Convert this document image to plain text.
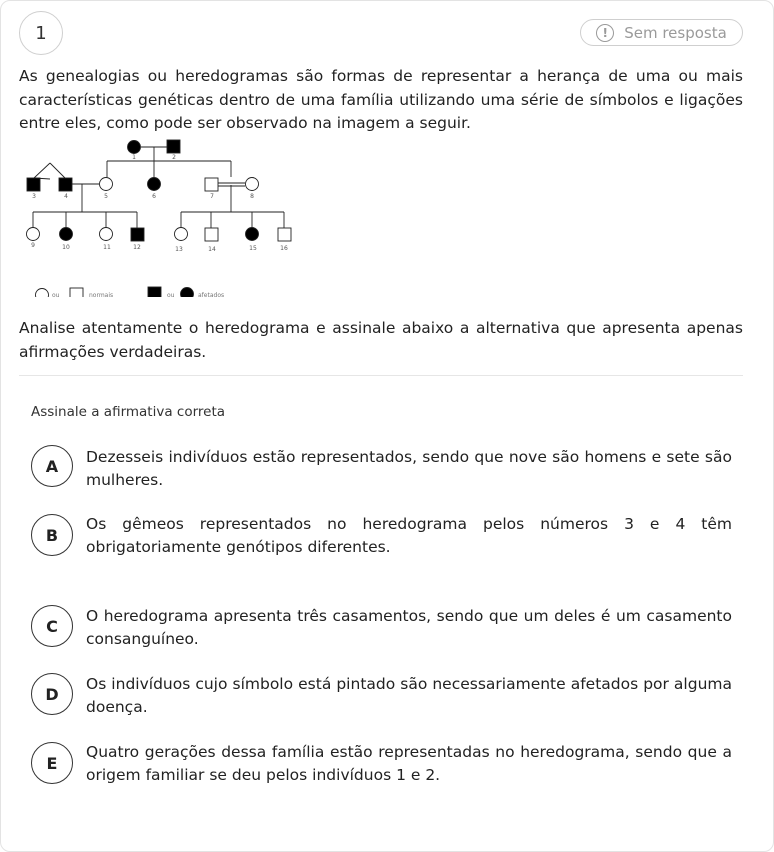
1	!	Sem resposta
As genealogias ou heredogramas são formas de representar a herança de uma ou mais características genéticas dentro de uma família utilizando uma série de símbolos e ligações entre eles, como pode ser observado na imagem a seguir.
1	2
3	4	5	6	7	8
9	10	11	12	13	14	15	16
ou	normais	ou	afetados
Analise atentamente o heredograma e assinale abaixo a alternativa que apresenta apenas afirmações verdadeiras.
Assinale a afirmativa correta
A	Dezesseis indivíduos estão representados, sendo que nove são homens e sete são mulheres.
B
Os gêmeos representados no heredograma pelos números 3 e 4 têm obrigatoriamente genótipos diferentes.
C
O heredograma apresenta três casamentos, sendo que um deles é um casamento consanguíneo.
D
Os indivíduos cujo símbolo está pintado são necessariamente afetados por alguma doença.
E
Quatro gerações dessa família estão representadas no heredograma, sendo que a origem familiar se deu pelos indivíduos 1 e 2.
